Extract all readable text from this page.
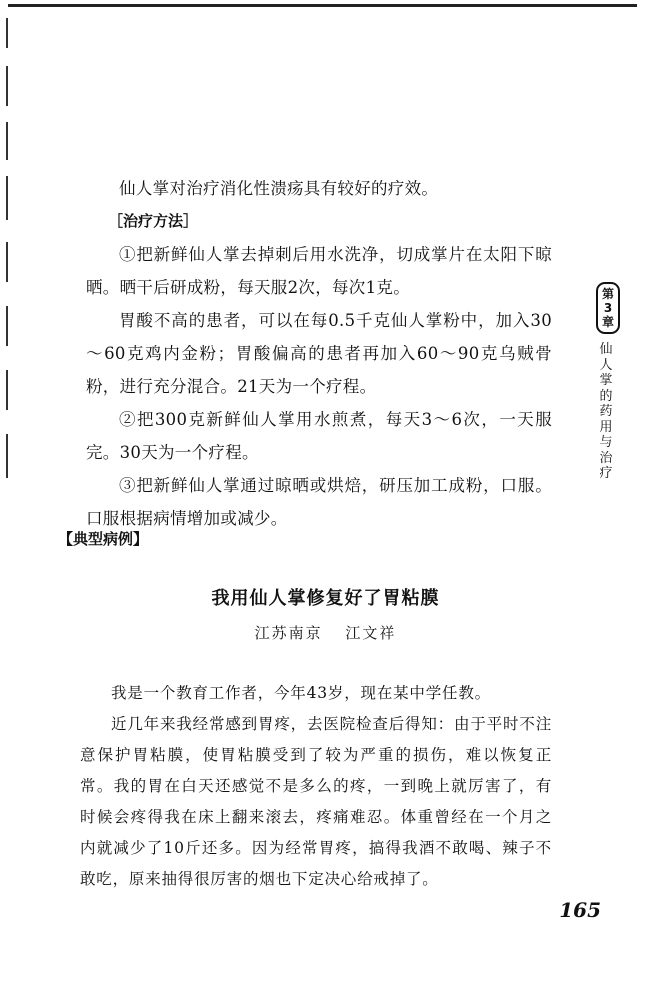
仙人掌对治疗消化性溃疡具有较好的疗效。

［治疗方法］

①把新鲜仙人掌去掉刺后用水洗净，切成掌片在太阳下晾晒。晒干后研成粉，每天服2次，每次1克。

胃酸不高的患者，可以在每0.5千克仙人掌粉中，加入30～60克鸡内金粉；胃酸偏高的患者再加入60～90克乌贼骨粉，进行充分混合。21天为一个疗程。

②把300克新鲜仙人掌用水煎煮，每天3～6次，一天服完。30天为一个疗程。

③把新鲜仙人掌通过晾晒或烘焙，研压加工成粉，口服。口服根据病情增加或减少。

【典型病例】
我用仙人掌修复好了胃粘膜
江苏南京 江文祥

我是一个教育工作者，今年43岁，现在某中学任教。

近几年来我经常感到胃疼，去医院检查后得知：由于平时不注意保护胃粘膜，使胃粘膜受到了较为严重的损伤，难以恢复正常。我的胃在白天还感觉不是多么的疼，一到晚上就厉害了，有时候会疼得我在床上翻来滚去，疼痛难忍。体重曾经在一个月之内就减少了10斤还多。因为经常胃疼，搞得我酒不敢喝、辣子不敢吃，原来抽得很厉害的烟也下定决心给戒掉了。

第3章
仙人掌的药用与治疗
165
